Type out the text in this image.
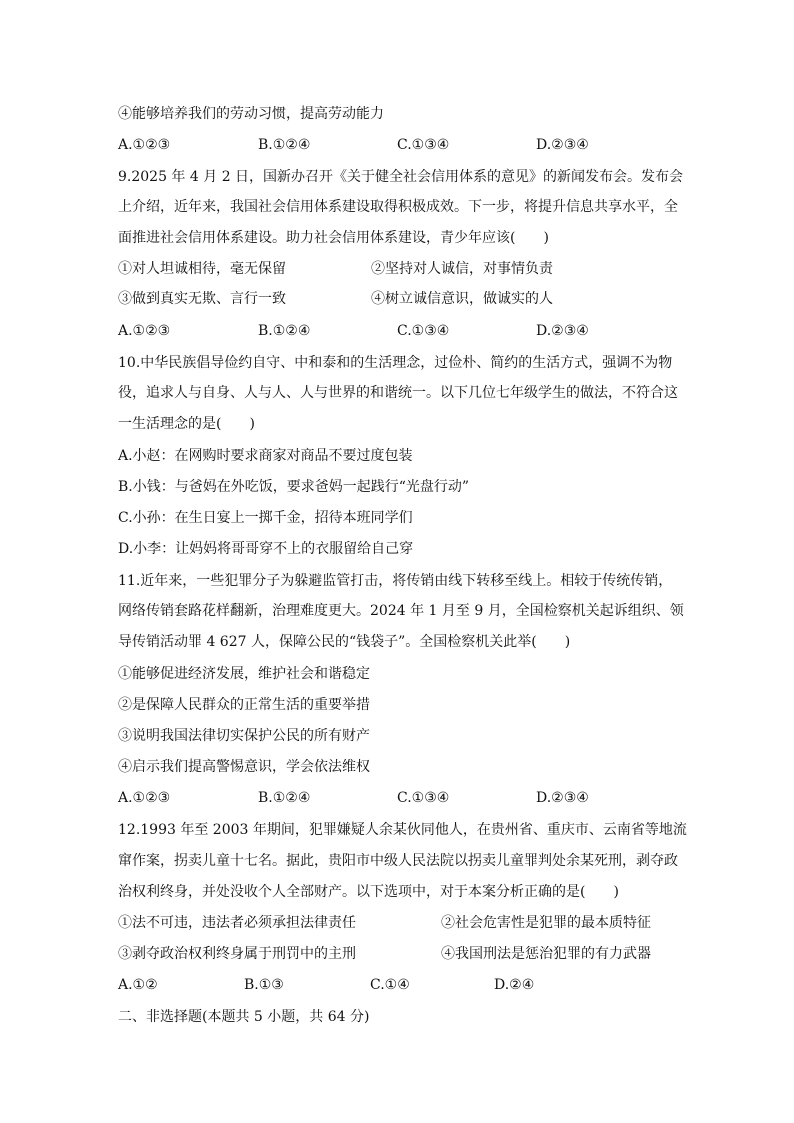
④能够培养我们的劳动习惯，提高劳动能力
A.①②③	B.①②④	C.①③④	D.②③④
9.2025 年 4 月 2 日，国新办召开《关于健全社会信用体系的意见》的新闻发布会。发布会
上介绍，近年来，我国社会信用体系建设取得积极成效。下一步，将提升信息共享水平，全
面推进社会信用体系建设。助力社会信用体系建设，青少年应该(　　)
①对人坦诚相待，毫无保留	②坚持对人诚信，对事情负责
③做到真实无欺、言行一致	④树立诚信意识，做诚实的人
A.①②③	B.①②④	C.①③④	D.②③④
10.中华民族倡导俭约自守、中和泰和的生活理念，过俭朴、简约的生活方式，强调不为物
役，追求人与自身、人与人、人与世界的和谐统一。以下几位七年级学生的做法，不符合这
一生活理念的是(　　)
A.小赵：在网购时要求商家对商品不要过度包装
B.小钱：与爸妈在外吃饭，要求爸妈一起践行“光盘行动”
C.小孙：在生日宴上一掷千金，招待本班同学们
D.小李：让妈妈将哥哥穿不上的衣服留给自己穿
11.近年来，一些犯罪分子为躲避监管打击，将传销由线下转移至线上。相较于传统传销，
网络传销套路花样翻新，治理难度更大。2024 年 1 月至 9 月，全国检察机关起诉组织、领
导传销活动罪 4 627 人，保障公民的“钱袋子”。全国检察机关此举(　　)
①能够促进经济发展，维护社会和谐稳定
②是保障人民群众的正常生活的重要举措
③说明我国法律切实保护公民的所有财产
④启示我们提高警惕意识，学会依法维权
A.①②③	B.①②④	C.①③④	D.②③④
12.1993 年至 2003 年期间，犯罪嫌疑人余某伙同他人，在贵州省、重庆市、云南省等地流
窜作案，拐卖儿童十七名。据此，贵阳市中级人民法院以拐卖儿童罪判处余某死刑，剥夺政
治权利终身，并处没收个人全部财产。以下选项中，对于本案分析正确的是(　　)
①法不可违，违法者必须承担法律责任	②社会危害性是犯罪的最本质特征
③剥夺政治权利终身属于刑罚中的主刑	④我国刑法是惩治犯罪的有力武器
A.①②	B.①③	C.①④	D.②④
二、非选择题(本题共 5 小题，共 64 分)
